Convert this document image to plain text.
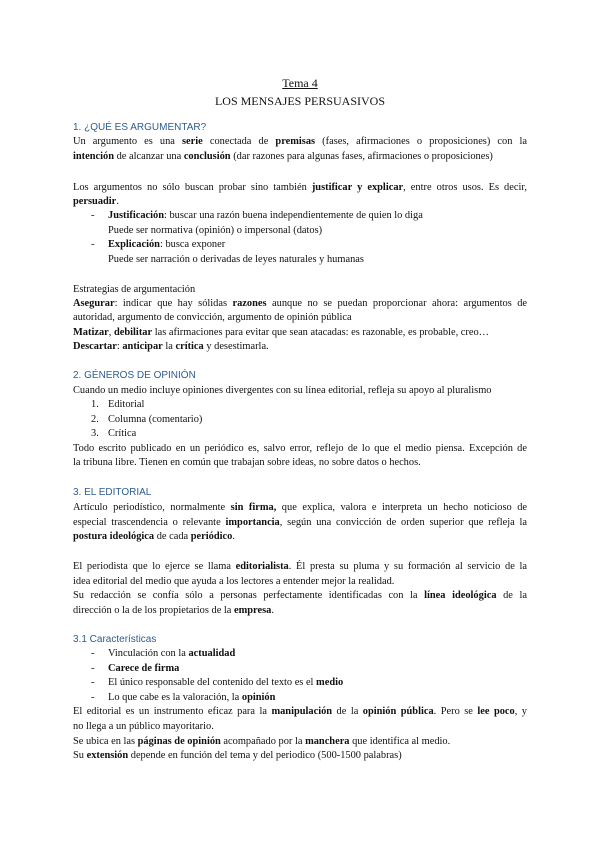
Tema 4
LOS MENSAJES PERSUASIVOS
1. ¿QUÉ ES ARGUMENTAR?
Un argumento es una serie conectada de premisas (fases, afirmaciones o proposiciones) con la
intención de alcanzar una conclusión (dar razones para algunas fases, afirmaciones o proposiciones)
Los argumentos no sólo buscan probar sino también justificar y explicar, entre otros usos. Es decir,
persuadir.
- Justificación: buscar una razón buena independientemente de quien lo diga
Puede ser normativa (opinión) o impersonal (datos)
- Explicación: busca exponer
Puede ser narración o derivadas de leyes naturales y humanas
Estrategias de argumentación
Asegurar: indicar que hay sólidas razones aunque no se puedan proporcionar ahora: argumentos de
autoridad, argumento de convicción, argumento de opinión pública
Matizar, debilitar las afirmaciones para evitar que sean atacadas: es razonable, es probable, creo…
Descartar: anticipar la crítica y desestimarla.
2. GÉNEROS DE OPINIÓN
Cuando un medio incluye opiniones divergentes con su línea editorial, refleja su apoyo al pluralismo
1. Editorial
2. Columna (comentario)
3. Crítica
Todo escrito publicado en un periódico es, salvo error, reflejo de lo que el medio piensa. Excepción de
la tribuna libre. Tienen en común que trabajan sobre ideas, no sobre datos o hechos.
3. EL EDITORIAL
Artículo periodístico, normalmente sin firma, que explica, valora e interpreta un hecho noticioso de
especial trascendencia o relevante importancia, según una convicción de orden superior que refleja la
postura ideológica de cada periódico.
El periodista que lo ejerce se llama editorialista. Él presta su pluma y su formación al servicio de la
idea editorial del medio que ayuda a los lectores a entender mejor la realidad.
Su redacción se confía sólo a personas perfectamente identificadas con la línea ideológica de la
dirección o la de los propietarios de la empresa.
3.1 Características
- Vinculación con la actualidad
- Carece de firma
- El único responsable del contenido del texto es el medio
- Lo que cabe es la valoración, la opinión
El editorial es un instrumento eficaz para la manipulación de la opinión pública. Pero se lee poco, y
no llega a un público mayoritario.
Se ubica en las páginas de opinión acompañado por la manchera que identifica al medio.
Su extensión depende en función del tema y del periodico (500-1500 palabras)
